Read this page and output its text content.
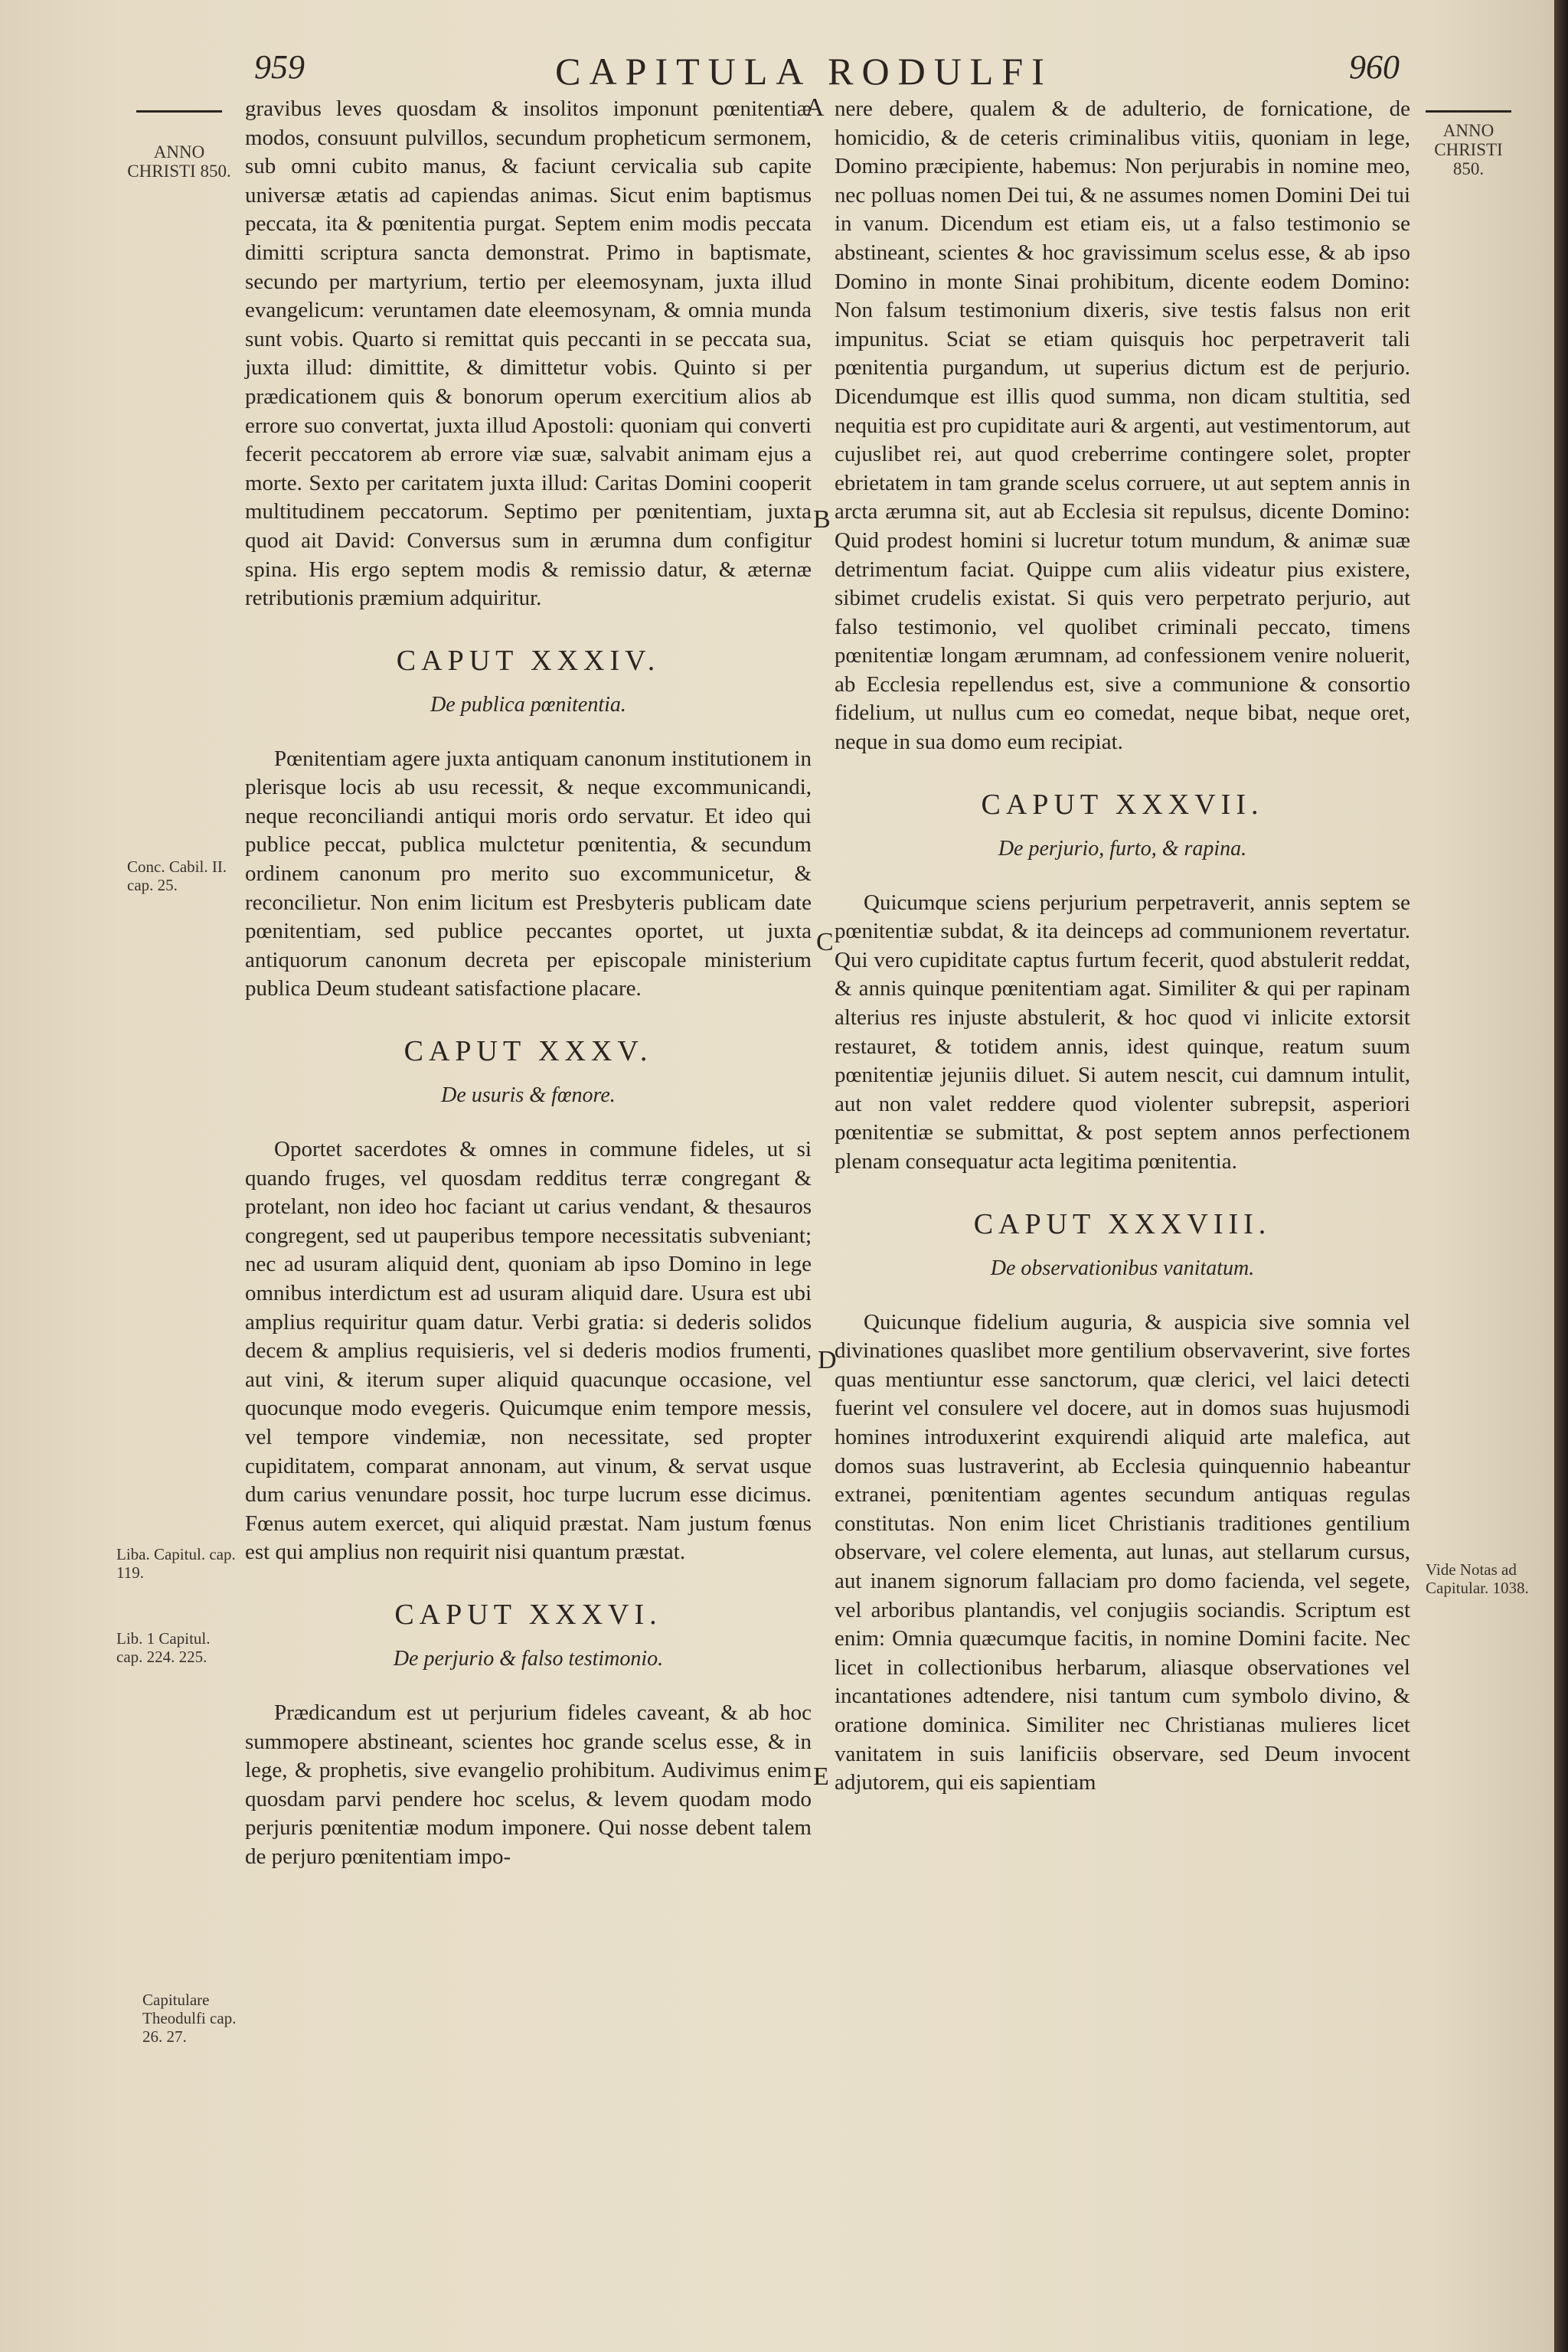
959	CAPITULA RODULFI	960
ANNO CHRISTI 850.
ANNO CHRISTI 850.
Conc. Cabil. II. cap. 25.
Liba. Capitul. cap. 119.
Lib. 1 Capitul. cap. 224. 225.
Capitulare Theodulfi cap. 26. 27.
Vide Notas ad Capitular. 1038.
A
B
C
D
E

gravibus leves quosdam & insolitos imponunt pœnitentiæ modos, consuunt pulvillos, secundum propheticum sermonem, sub omni cubito manus, & faciunt cervicalia sub capite universæ ætatis ad capiendas animas. Sicut enim baptismus peccata, ita & pœnitentia purgat. Septem enim modis peccata dimitti scriptura sancta demonstrat. Primo in baptismate, secundo per martyrium, tertio per eleemosynam, juxta illud evangelicum: veruntamen date eleemosynam, & omnia munda sunt vobis. Quarto si remittat quis peccanti in se peccata sua, juxta illud: dimittite, & dimittetur vobis. Quinto si per prædicationem quis & bonorum operum exercitium alios ab errore suo convertat, juxta illud Apostoli: quoniam qui converti fecerit peccatorem ab errore viæ suæ, salvabit animam ejus a morte. Sexto per caritatem juxta illud: Caritas Domini cooperit multitudinem peccatorum. Septimo per pœnitentiam, juxta quod ait David: Conversus sum in ærumna dum configitur spina. His ergo septem modis & remissio datur, & æternæ retributionis præmium adquiritur.

CAPUT XXXIV.
De publica pœnitentia.

Pœnitentiam agere juxta antiquam canonum institutionem in plerisque locis ab usu recessit, & neque excommunicandi, neque reconciliandi antiqui moris ordo servatur. Et ideo qui publice peccat, publica mulctetur pœnitentia, & secundum ordinem canonum pro merito suo excommunicetur, & reconcilietur. Non enim licitum est Presbyteris publicam date pœnitentiam, sed publice peccantes oportet, ut juxta antiquorum canonum decreta per episcopale ministerium publica Deum studeant satisfactione placare.

CAPUT XXXV.
De usuris & fœnore.

Oportet sacerdotes & omnes in commune fideles, ut si quando fruges, vel quosdam redditus terræ congregant & protelant, non ideo hoc faciant ut carius vendant, & thesauros congregent, sed ut pauperibus tempore necessitatis subveniant; nec ad usuram aliquid dent, quoniam ab ipso Domino in lege omnibus interdictum est ad usuram aliquid dare. Usura est ubi amplius requiritur quam datur. Verbi gratia: si dederis solidos decem & amplius requisieris, vel si dederis modios frumenti, aut vini, & iterum super aliquid quacunque occasione, vel quocunque modo evegeris. Quicumque enim tempore messis, vel tempore vindemiæ, non necessitate, sed propter cupiditatem, comparat annonam, aut vinum, & servat usque dum carius venundare possit, hoc turpe lucrum esse dicimus. Fœnus autem exercet, qui aliquid præstat. Nam justum fœnus est qui amplius non requirit nisi quantum præstat.

CAPUT XXXVI.
De perjurio & falso testimonio.

Prædicandum est ut perjurium fideles caveant, & ab hoc summopere abstineant, scientes hoc grande scelus esse, & in lege, & prophetis, sive evangelio prohibitum. Audivimus enim quosdam parvi pendere hoc scelus, & levem quodam modo perjuris pœnitentiæ modum imponere. Qui nosse debent talem de perjuro pœnitentiam impo-

nere debere, qualem & de adulterio, de fornicatione, de homicidio, & de ceteris criminalibus vitiis, quoniam in lege, Domino præcipiente, habemus: Non perjurabis in nomine meo, nec polluas nomen Dei tui, & ne assumes nomen Domini Dei tui in vanum. Dicendum est etiam eis, ut a falso testimonio se abstineant, scientes & hoc gravissimum scelus esse, & ab ipso Domino in monte Sinai prohibitum, dicente eodem Domino: Non falsum testimonium dixeris, sive testis falsus non erit impunitus. Sciat se etiam quisquis hoc perpetraverit tali pœnitentia purgandum, ut superius dictum est de perjurio. Dicendumque est illis quod summa, non dicam stultitia, sed nequitia est pro cupiditate auri & argenti, aut vestimentorum, aut cujuslibet rei, aut quod creberrime contingere solet, propter ebrietatem in tam grande scelus corruere, ut aut septem annis in arcta ærumna sit, aut ab Ecclesia sit repulsus, dicente Domino: Quid prodest homini si lucretur totum mundum, & animæ suæ detrimentum faciat. Quippe cum aliis videatur pius existere, sibimet crudelis existat. Si quis vero perpetrato perjurio, aut falso testimonio, vel quolibet criminali peccato, timens pœnitentiæ longam ærumnam, ad confessionem venire noluerit, ab Ecclesia repellendus est, sive a communione & consortio fidelium, ut nullus cum eo comedat, neque bibat, neque oret, neque in sua domo eum recipiat.

CAPUT XXXVII.
De perjurio, furto, & rapina.

Quicumque sciens perjurium perpetraverit, annis septem se pœnitentiæ subdat, & ita deinceps ad communionem revertatur. Qui vero cupiditate captus furtum fecerit, quod abstulerit reddat, & annis quinque pœnitentiam agat. Similiter & qui per rapinam alterius res injuste abstulerit, & hoc quod vi inlicite extorsit restauret, & totidem annis, idest quinque, reatum suum pœnitentiæ jejuniis diluet. Si autem nescit, cui damnum intulit, aut non valet reddere quod violenter subrepsit, asperiori pœnitentiæ se submittat, & post septem annos perfectionem plenam consequatur acta legitima pœnitentia.

CAPUT XXXVIII.
De observationibus vanitatum.

Quicunque fidelium auguria, & auspicia sive somnia vel divinationes quaslibet more gentilium observaverint, sive fortes quas mentiuntur esse sanctorum, quæ clerici, vel laici detecti fuerint vel consulere vel docere, aut in domos suas hujusmodi homines introduxerint exquirendi aliquid arte malefica, aut domos suas lustraverint, ab Ecclesia quinquennio habeantur extranei, pœnitentiam agentes secundum antiquas regulas constitutas. Non enim licet Christianis traditiones gentilium observare, vel colere elementa, aut lunas, aut stellarum cursus, aut inanem signorum fallaciam pro domo facienda, vel segete, vel arboribus plantandis, vel conjugiis sociandis. Scriptum est enim: Omnia quæcumque facitis, in nomine Domini facite. Nec licet in collectionibus herbarum, aliasque observationes vel incantationes adtendere, nisi tantum cum symbolo divino, & oratione dominica. Similiter nec Christianas mulieres licet vanitatem in suis lanificiis observare, sed Deum invocent adjutorem, qui eis sapientiam
